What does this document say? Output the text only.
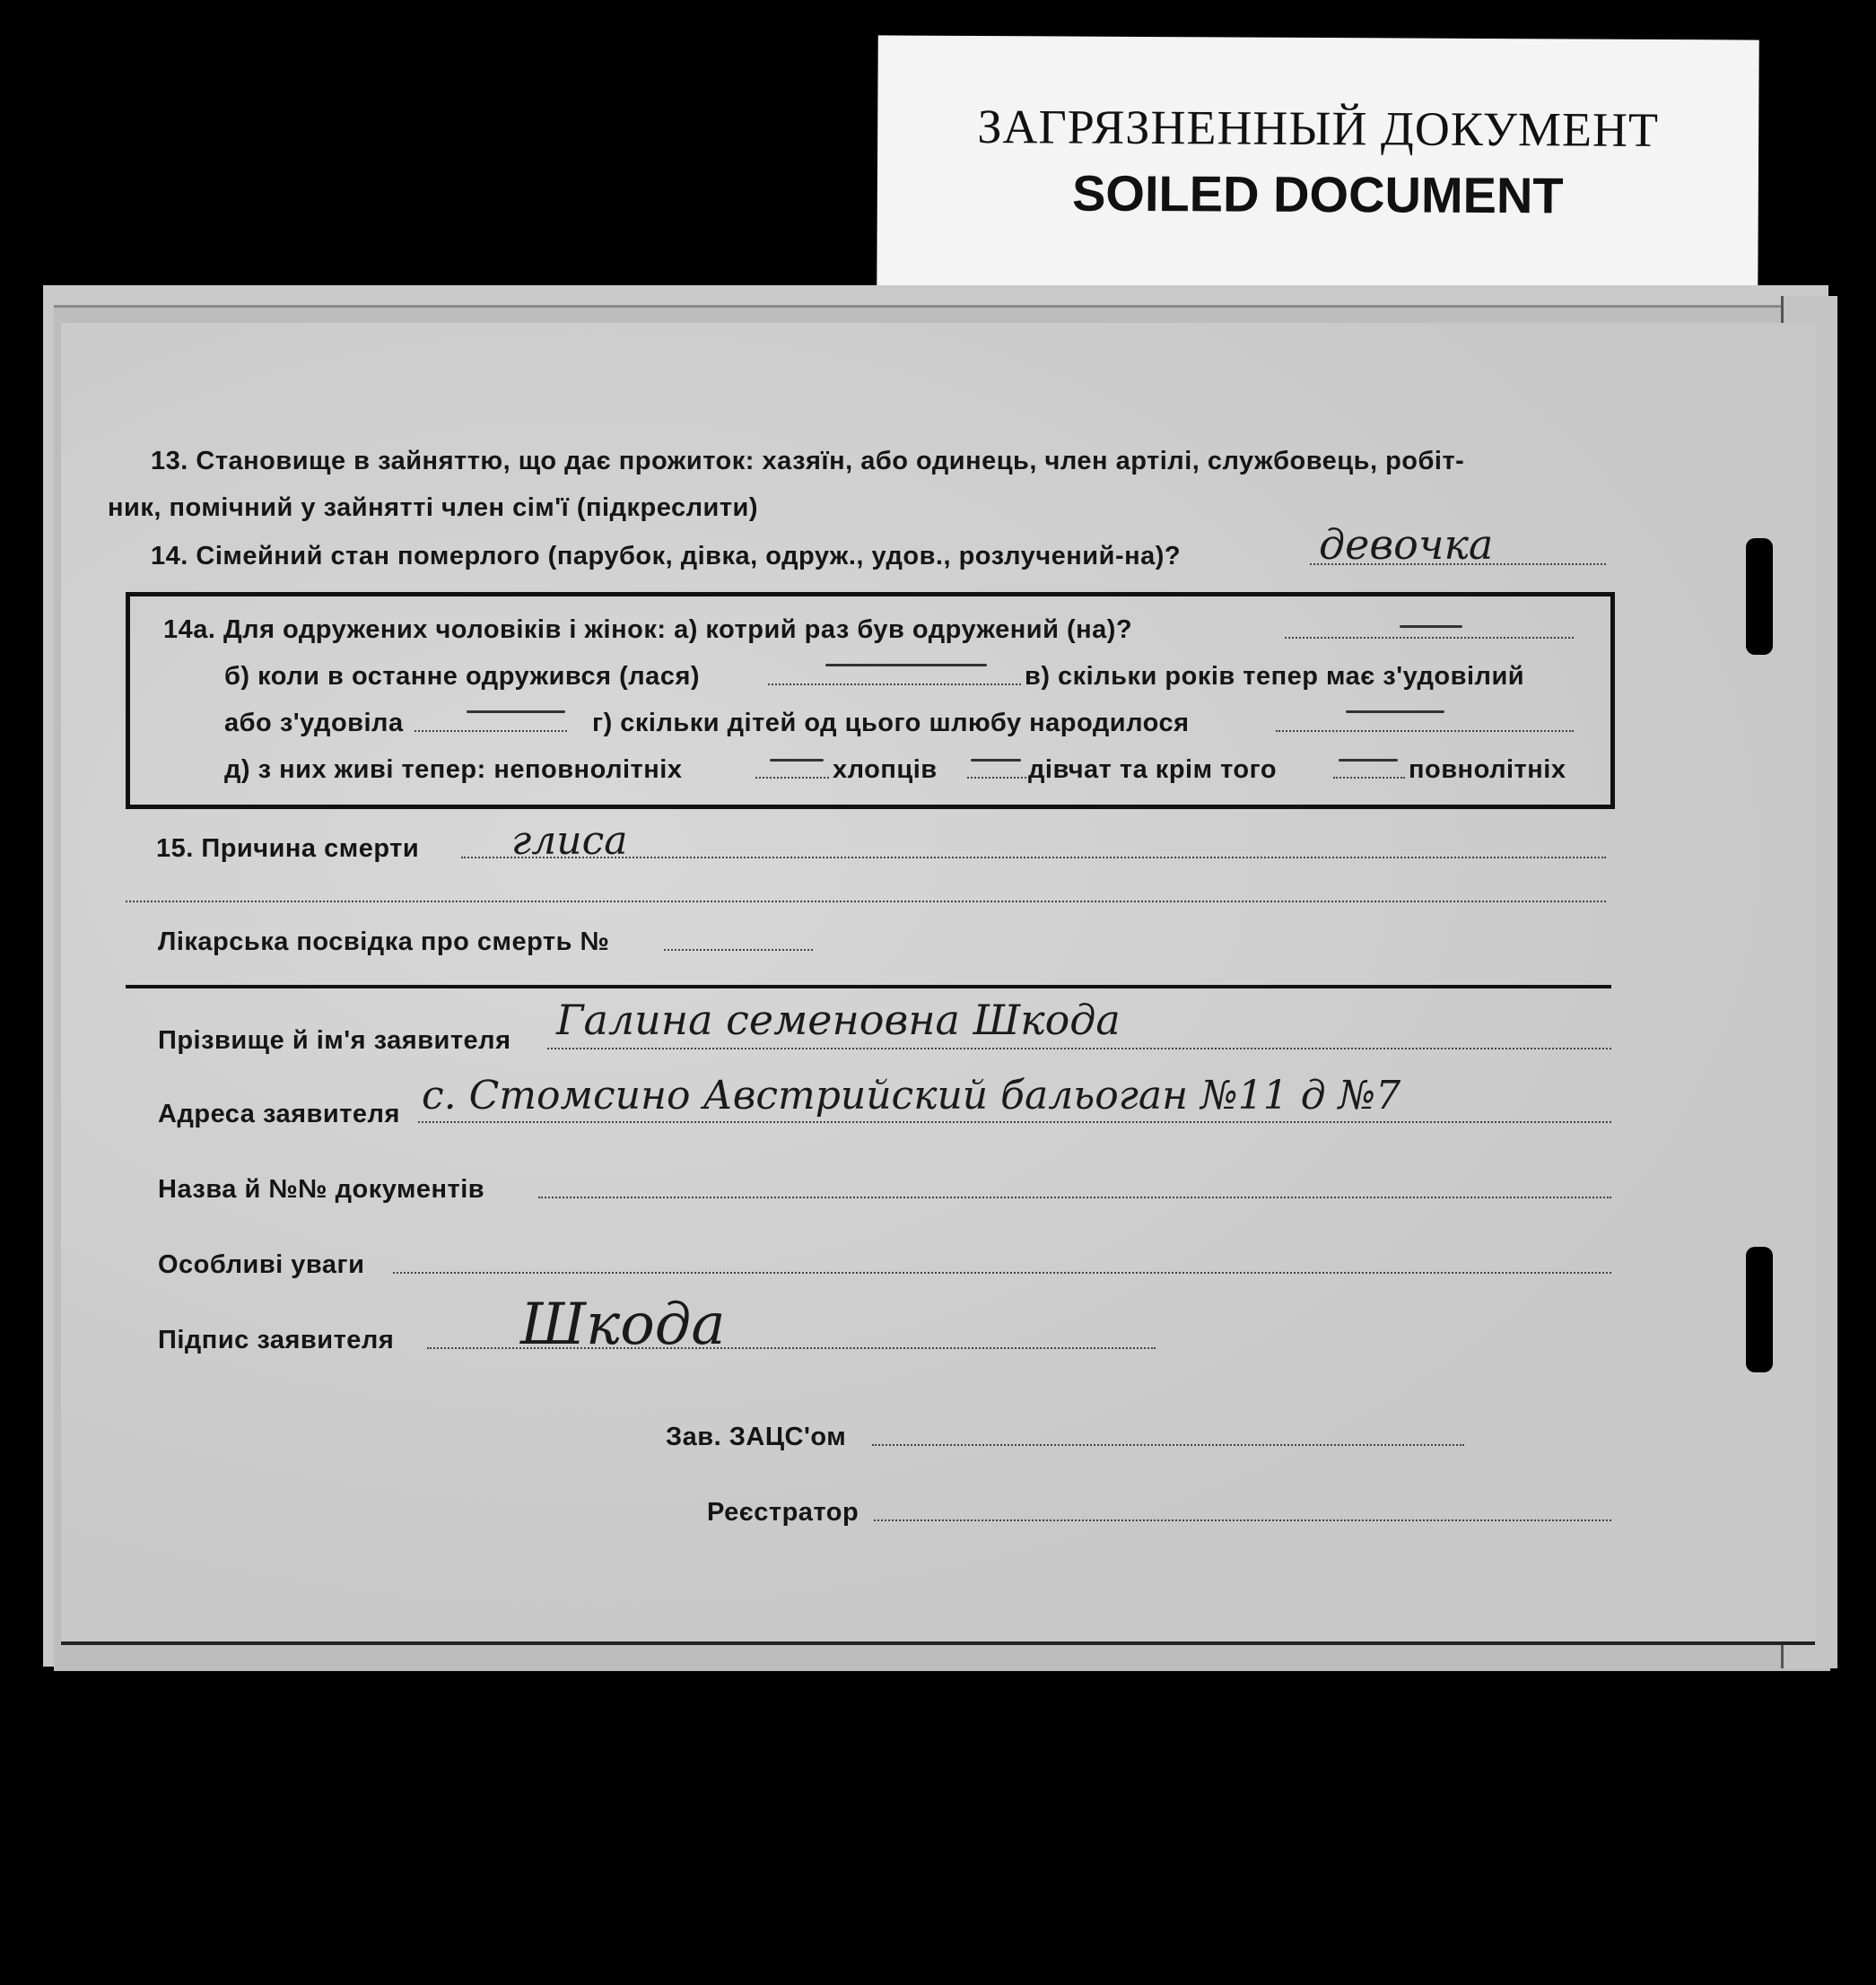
ЗАГРЯЗНЕННЫЙ ДОКУМЕНТ
SOILED DOCUMENT
13. Становище в зайняттю, що дає прожиток: хазяїн, або одинець, член артілі, службовець, робіт-
ник, помічний у зайнятті член сім'ї (підкреслити)
14. Сімейний стан померлого (парубок, дівка, одруж., удов., розлучений-на)?	девочка
14а. Для одружених чоловіків і жінок: а) котрий раз був одружений (на)?
б) коли в останне одружився (лася)	в) скільки років тепер має з'удовілий
або з'удовіла	г) скільки дітей од цього шлюбу народилося
д) з них живі тепер: неповнолітніх	хлопців	дівчат та крім того	повнолітніх
15. Причина смерти глиса
Лікарська посвідка про смерть №
Прізвище й ім'я заявителя Галина семеновна Шкода
Адреса заявителя с. Стомсино Австрийский бальоган №11 д №7
Назва й №№ документів
Особливі уваги
Підпис заявителя Шкода
Зав. ЗАЦС'ом
Реєстратор
